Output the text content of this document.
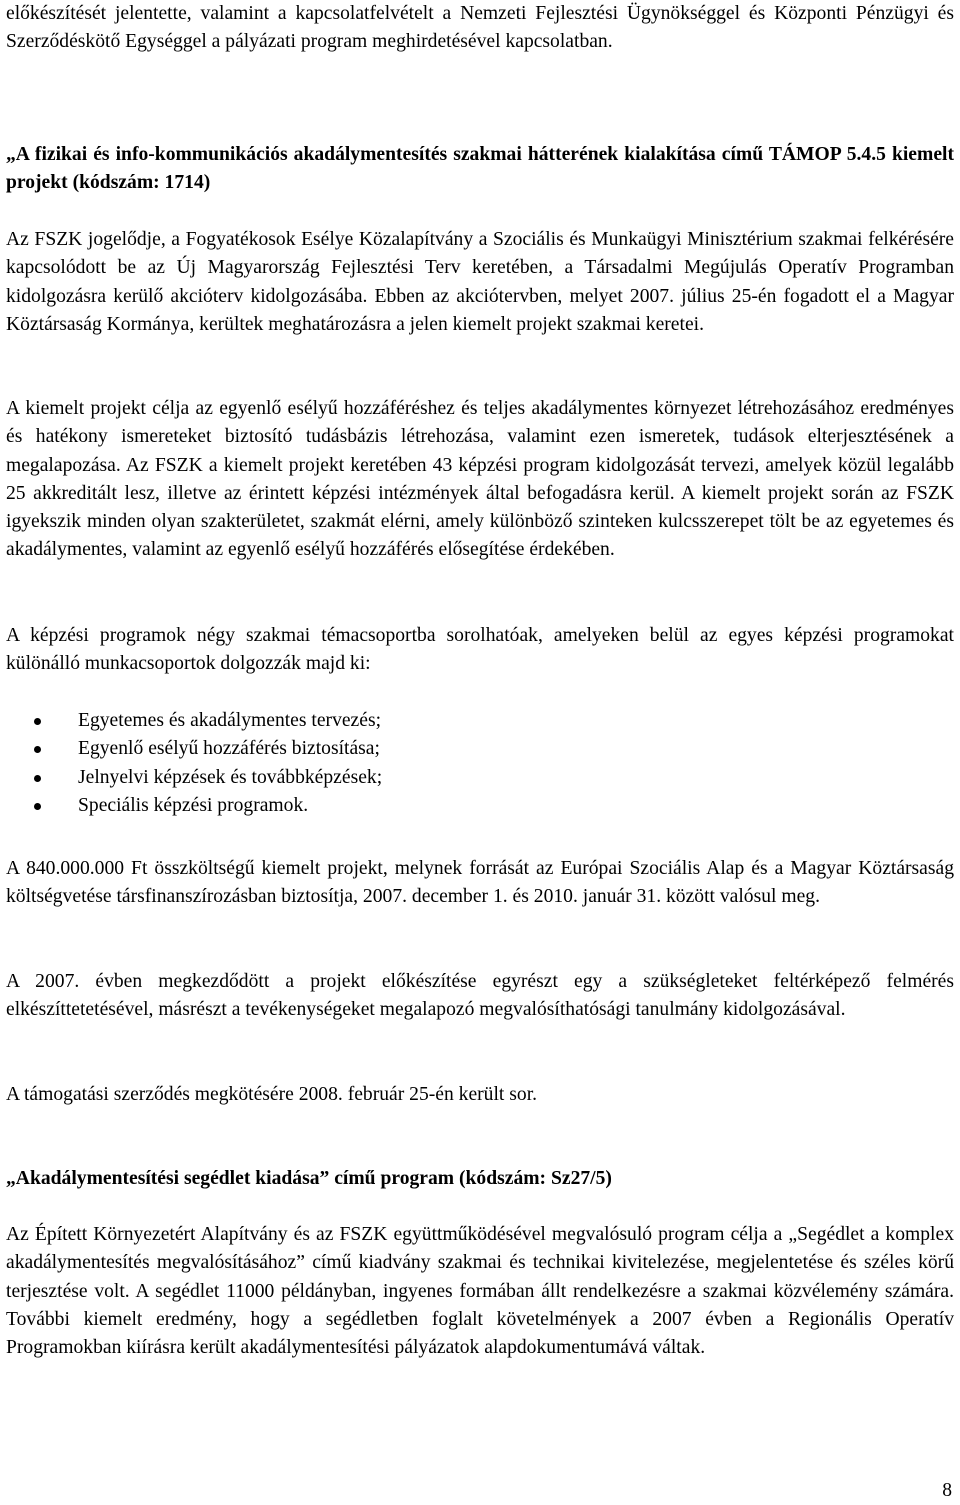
előkészítését jelentette, valamint a kapcsolatfelvételt a Nemzeti Fejlesztési Ügynökséggel és Központi Pénzügyi és Szerződéskötő Egységgel a pályázati program meghirdetésével kapcsolatban.

„A fizikai és info-kommunikációs akadálymentesítés szakmai hátterének kialakítása című TÁMOP 5.4.5 kiemelt projekt (kódszám: 1714)

Az FSZK jogelődje, a Fogyatékosok Esélye Közalapítvány a Szociális és Munkaügyi Minisztérium szakmai felkérésére kapcsolódott be az Új Magyarország Fejlesztési Terv keretében, a Társadalmi Megújulás Operatív Programban kidolgozásra kerülő akcióterv kidolgozásába. Ebben az akciótervben, melyet 2007. július 25-én fogadott el a Magyar Köztársaság Kormánya, kerültek meghatározásra a jelen kiemelt projekt szakmai keretei.

A kiemelt projekt célja az egyenlő esélyű hozzáféréshez és teljes akadálymentes környezet létrehozásához eredményes és hatékony ismereteket biztosító tudásbázis létrehozása, valamint ezen ismeretek, tudások elterjesztésének a megalapozása. Az FSZK a kiemelt projekt keretében 43 képzési program kidolgozását tervezi, amelyek közül legalább 25 akkreditált lesz, illetve az érintett képzési intézmények által befogadásra kerül. A kiemelt projekt során az FSZK igyekszik minden olyan szakterületet, szakmát elérni, amely különböző szinteken kulcsszerepet tölt be az egyetemes és akadálymentes, valamint az egyenlő esélyű hozzáférés elősegítése érdekében.

A képzési programok négy szakmai témacsoportba sorolhatóak, amelyeken belül az egyes képzési programokat különálló munkacsoportok dolgozzák majd ki:

Egyetemes és akadálymentes tervezés;
Egyenlő esélyű hozzáférés biztosítása;
Jelnyelvi képzések és továbbképzések;
Speciális képzési programok.

A 840.000.000 Ft összköltségű kiemelt projekt, melynek forrását az Európai Szociális Alap és a Magyar Köztársaság költségvetése társfinanszírozásban biztosítja, 2007. december 1. és 2010. január 31. között valósul meg.

A 2007. évben megkezdődött a projekt előkészítése egyrészt egy a szükségleteket feltérképező felmérés elkészíttetetésével, másrészt a tevékenységeket megalapozó megvalósíthatósági tanulmány kidolgozásával.

A támogatási szerződés megkötésére 2008. február 25-én került sor.

„Akadálymentesítési segédlet kiadása” című program (kódszám: Sz27/5)

Az Épített Környezetért Alapítvány és az FSZK együttműködésével megvalósuló program célja a „Segédlet a komplex akadálymentesítés megvalósításához” című kiadvány szakmai és technikai kivitelezése, megjelentetése és széles körű terjesztése volt. A segédlet 11000 példányban, ingyenes formában állt rendelkezésre a szakmai közvélemény számára. További kiemelt eredmény, hogy a segédletben foglalt követelmények a 2007 évben a Regionális Operatív Programokban kiírásra került akadálymentesítési pályázatok alapdokumentumává váltak.

8
